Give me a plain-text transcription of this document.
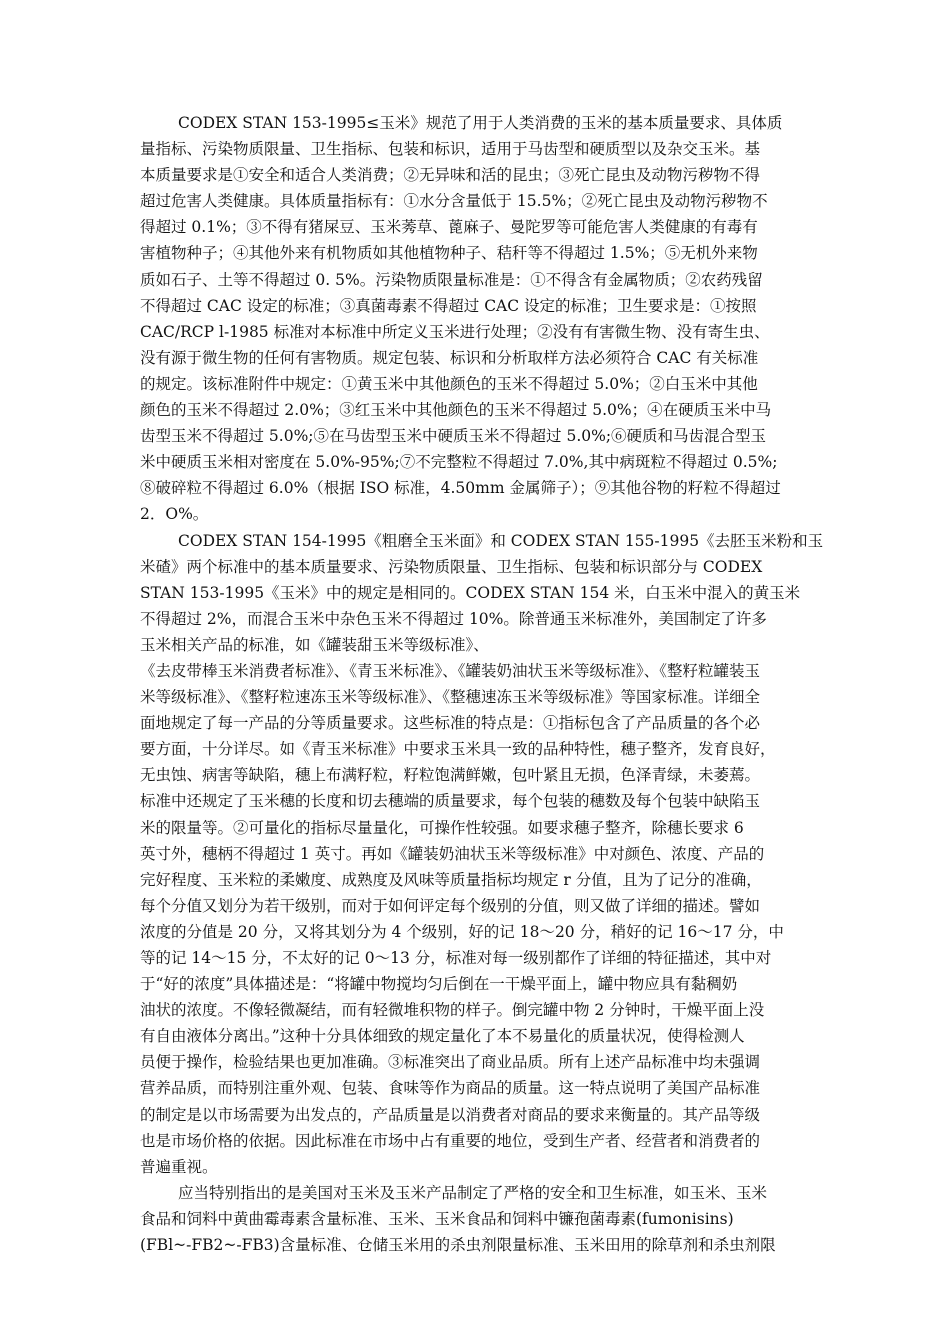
CODEX STAN 153-1995≤玉米》规范了用于人类消费的玉米的基本质量要求、具体质
量指标、污染物质限量、卫生指标、包装和标识，适用于马齿型和硬质型以及杂交玉米。基
本质量要求是①安全和适合人类消费；②无异味和活的昆虫；③死亡昆虫及动物污秽物不得
超过危害人类健康。具体质量指标有：①水分含量低于 15.5%；②死亡昆虫及动物污秽物不
得超过 0.1%；③不得有猪屎豆、玉米莠草、蓖麻子、曼陀罗等可能危害人类健康的有毒有
害植物种子；④其他外来有机物质如其他植物种子、秸秆等不得超过 1.5%；⑤无机外来物
质如石子、土等不得超过 0. 5%。污染物质限量标准是：①不得含有金属物质；②农药残留
不得超过 CAC 设定的标准；③真菌毒素不得超过 CAC 设定的标准；卫生要求是：①按照
CAC/RCP l-1985 标准对本标准中所定义玉米进行处理；②没有有害微生物、没有寄生虫、
没有源于微生物的任何有害物质。规定包装、标识和分析取样方法必须符合 CAC 有关标准
的规定。该标准附件中规定：①黄玉米中其他颜色的玉米不得超过 5.0%；②白玉米中其他
颜色的玉米不得超过 2.0%；③红玉米中其他颜色的玉米不得超过 5.0%；④在硬质玉米中马
齿型玉米不得超过 5.0%;⑤在马齿型玉米中硬质玉米不得超过 5.0%;⑥硬质和马齿混合型玉
米中硬质玉米相对密度在 5.0%-95%;⑦不完整粒不得超过 7.0%,其中病斑粒不得超过 0.5%;
⑧破碎粒不得超过 6.0%（根据 ISO 标准，4.50mm 金属筛子）；⑨其他谷物的籽粒不得超过
2．O%。
CODEX STAN 154-1995《粗磨全玉米面》和 CODEX STAN 155-1995《去胚玉米粉和玉
米碴》两个标准中的基本质量要求、污染物质限量、卫生指标、包装和标识部分与 CODEX
STAN 153-1995《玉米》中的规定是相同的。CODEX STAN 154 米，白玉米中混入的黄玉米
不得超过 2%，而混合玉米中杂色玉米不得超过 10%。除普通玉米标准外，美国制定了许多
玉米相关产品的标准，如《罐装甜玉米等级标准》、
《去皮带棒玉米消费者标准》、《青玉米标准》、《罐装奶油状玉米等级标准》、《整籽粒罐装玉
米等级标准》、《整籽粒速冻玉米等级标准》、《整穗速冻玉米等级标准》等国家标准。详细全
面地规定了每一产品的分等质量要求。这些标准的特点是：①指标包含了产品质量的各个必
要方面，十分详尽。如《青玉米标准》中要求玉米具一致的品种特性，穗子整齐，发育良好，
无虫蚀、病害等缺陷，穗上布满籽粒，籽粒饱满鲜嫩，包叶紧且无损，色泽青绿，未萎蔫。
标准中还规定了玉米穗的长度和切去穗端的质量要求，每个包装的穗数及每个包装中缺陷玉
米的限量等。②可量化的指标尽量量化，可操作性较强。如要求穗子整齐，除穗长要求 6
英寸外，穗柄不得超过 1 英寸。再如《罐装奶油状玉米等级标准》中对颜色、浓度、产品的
完好程度、玉米粒的柔嫩度、成熟度及风味等质量指标均规定 r 分值，且为了记分的准确，
每个分值又划分为若干级别，而对于如何评定每个级别的分值，则又做了详细的描述。譬如
浓度的分值是 20 分，又将其划分为 4 个级别，好的记 18～20 分，稍好的记 16～17 分，中
等的记 14～15 分，不太好的记 0～13 分，标准对每一级别都作了详细的特征描述，其中对
于“好的浓度”具体描述是：“将罐中物搅均匀后倒在一干燥平面上，罐中物应具有黏稠奶
油状的浓度。不像轻微凝结，而有轻微堆积物的样子。倒完罐中物 2 分钟时，干燥平面上没
有自由液体分离出。”这种十分具体细致的规定量化了本不易量化的质量状况，使得检测人
员便于操作，检验结果也更加准确。③标准突出了商业品质。所有上述产品标准中均未强调
营养品质，而特别注重外观、包装、食味等作为商品的质量。这一特点说明了美国产品标准
的制定是以市场需要为出发点的，产品质量是以消费者对商品的要求来衡量的。其产品等级
也是市场价格的依据。因此标准在市场中占有重要的地位，受到生产者、经营者和消费者的
普遍重视。
应当特别指出的是美国对玉米及玉米产品制定了严格的安全和卫生标准，如玉米、玉米
食品和饲料中黄曲霉毒素含量标准、玉米、玉米食品和饲料中镰孢菌毒素(fumonisins)
(FBl~-FB2~-FB3)含量标准、仓储玉米用的杀虫剂限量标准、玉米田用的除草剂和杀虫剂限
